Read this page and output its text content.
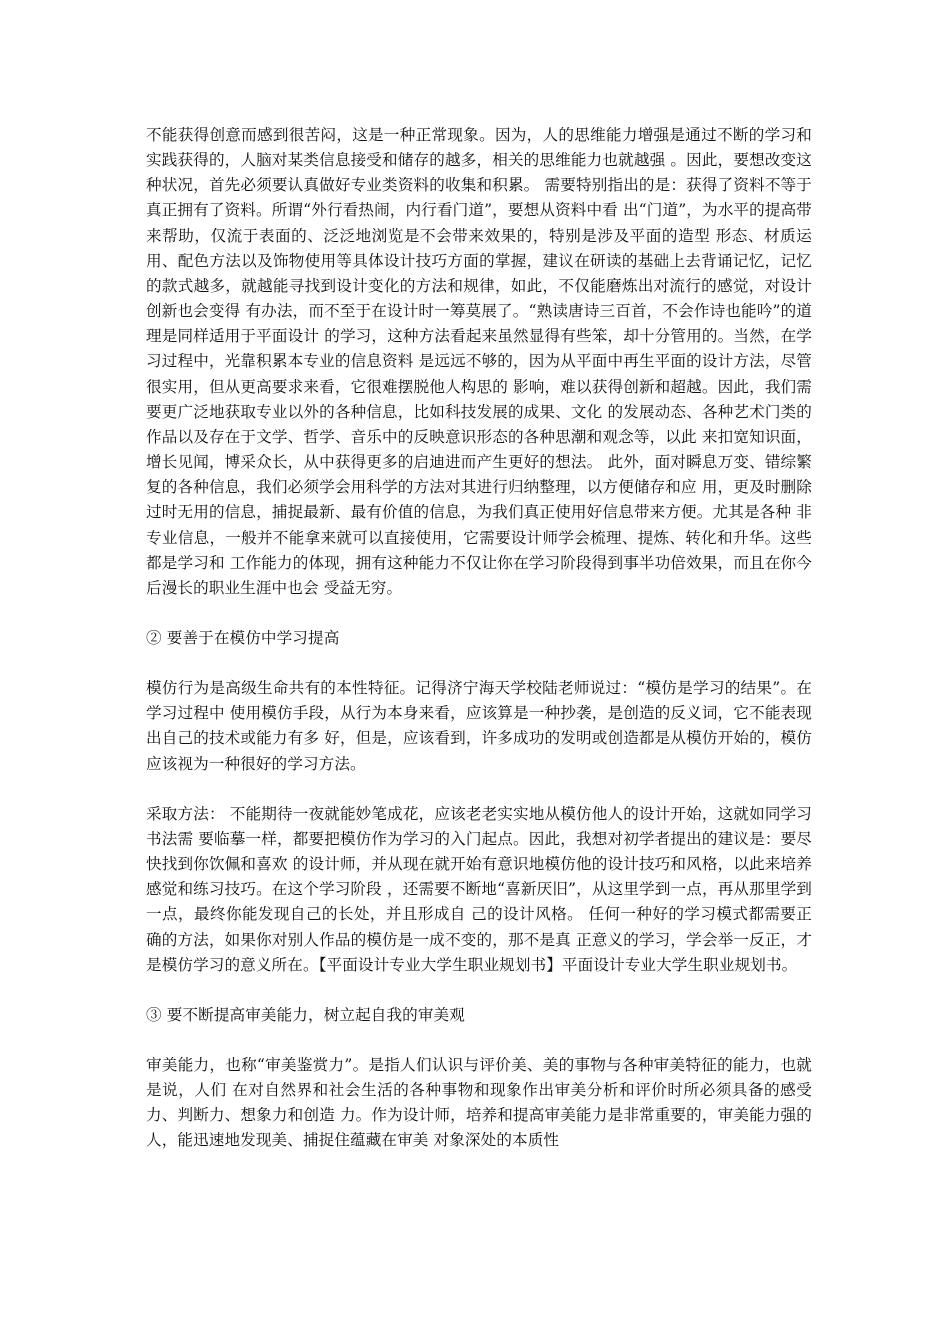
不能获得创意而感到很苦闷，这是一种正常现象。因为，人的思维能力增强是通过不断的学习和实践获得的，人脑对某类信息接受和储存的越多，相关的思维能力也就越强 。因此，要想改变这种状况，首先必须要认真做好专业类资料的收集和积累。 需要特别指出的是：获得了资料不等于真正拥有了资料。所谓“外行看热闹，内行看门道”，要想从资料中看 出“门道”，为水平的提高带来帮助，仅流于表面的、泛泛地浏览是不会带来效果的，特别是涉及平面的造型 形态、材质运用、配色方法以及饰物使用等具体设计技巧方面的掌握，建议在研读的基础上去背诵记忆，记忆 的款式越多，就越能寻找到设计变化的方法和规律，如此，不仅能磨炼出对流行的感觉，对设计创新也会变得 有办法，而不至于在设计时一筹莫展了。“熟读唐诗三百首，不会作诗也能吟”的道理是同样适用于平面设计 的学习，这种方法看起来虽然显得有些笨，却十分管用的。当然，在学习过程中，光靠积累本专业的信息资料 是远远不够的，因为从平面中再生平面的设计方法，尽管很实用，但从更高要求来看，它很难摆脱他人构思的 影响，难以获得创新和超越。因此，我们需要更广泛地获取专业以外的各种信息，比如科技发展的成果、文化 的发展动态、各种艺术门类的作品以及存在于文学、哲学、音乐中的反映意识形态的各种思潮和观念等，以此 来扣宽知识面，增长见闻，博采众长，从中获得更多的启迪进而产生更好的想法。 此外，面对瞬息万变、错综繁复的各种信息，我们必须学会用科学的方法对其进行归纳整理，以方便储存和应 用，更及时删除过时无用的信息，捕捉最新、最有价值的信息，为我们真正使用好信息带来方便。尤其是各种 非专业信息，一般并不能拿来就可以直接使用，它需要设计师学会梳理、提炼、转化和升华。这些都是学习和 工作能力的体现，拥有这种能力不仅让你在学习阶段得到事半功倍效果，而且在你今后漫长的职业生涯中也会 受益无穷。

② 要善于在模仿中学习提高

模仿行为是高级生命共有的本性特征。记得济宁海天学校陆老师说过：“模仿是学习的结果”。在学习过程中 使用模仿手段，从行为本身来看，应该算是一种抄袭，是创造的反义词，它不能表现出自己的技术或能力有多 好，但是，应该看到，许多成功的发明或创造都是从模仿开始的，模仿应该视为一种很好的学习方法。

采取方法： 不能期待一夜就能妙笔成花，应该老老实实地从模仿他人的设计开始，这就如同学习书法需 要临摹一样，都要把模仿作为学习的入门起点。因此，我想对初学者提出的建议是：要尽快找到你饮佩和喜欢 的设计师，并从现在就开始有意识地模仿他的设计技巧和风格，以此来培养感觉和练习技巧。在这个学习阶段 ，还需要不断地“喜新厌旧”，从这里学到一点，再从那里学到一点，最终你能发现自己的长处，并且形成自 己的设计风格。 任何一种好的学习模式都需要正确的方法，如果你对别人作品的模仿是一成不变的，那不是真 正意义的学习，学会举一反正，才是模仿学习的意义所在。【平面设计专业大学生职业规划书】平面设计专业大学生职业规划书。

③ 要不断提高审美能力，树立起自我的审美观

审美能力，也称“审美鉴赏力”。是指人们认识与评价美、美的事物与各种审美特征的能力，也就是说，人们 在对自然界和社会生活的各种事物和现象作出审美分析和评价时所必须具备的感受力、判断力、想象力和创造 力。作为设计师，培养和提高审美能力是非常重要的，审美能力强的人，能迅速地发现美、捕捉住蕴藏在审美 对象深处的本质性
